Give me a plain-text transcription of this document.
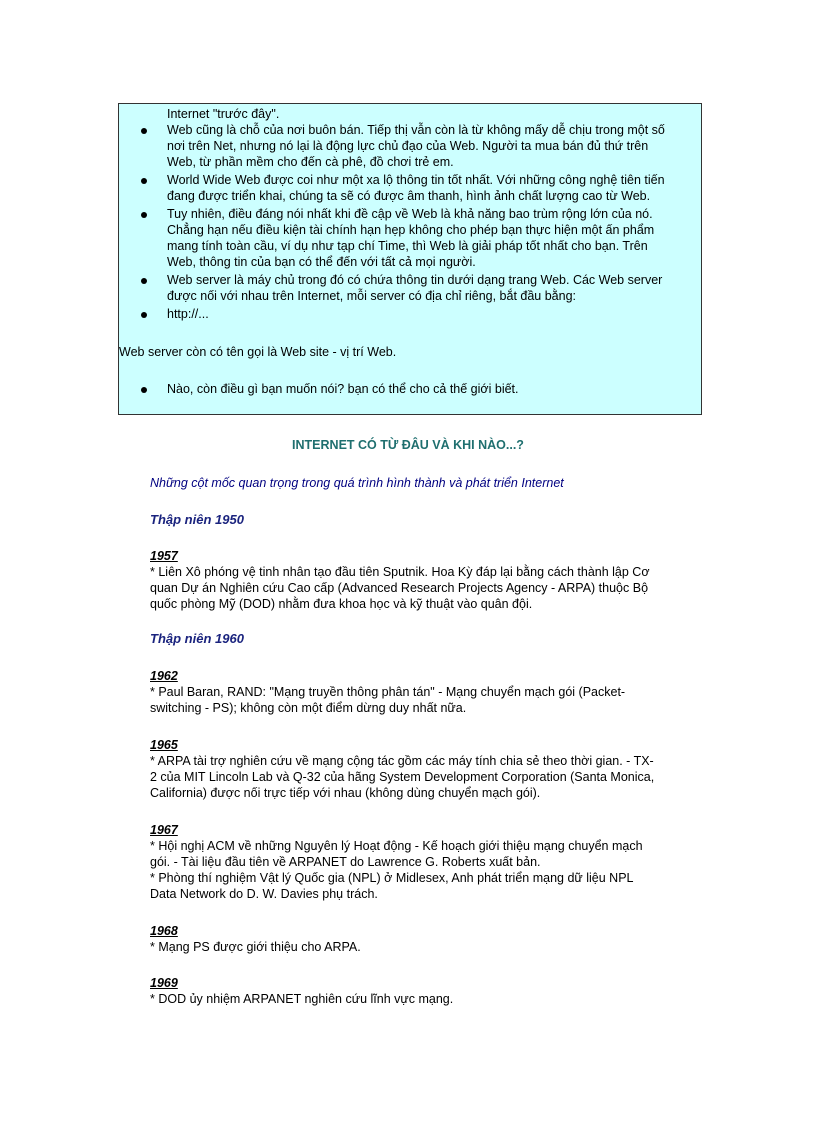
Internet "trước đây".
Web cũng là chỗ của nơi buôn bán. Tiếp thị vẫn còn là từ không mấy dễ chịu trong một số
nơi trên Net, nhưng nó lại là động lực chủ đạo của Web. Người ta mua bán đủ thứ trên
Web, từ phần mềm cho đến cà phê, đồ chơi trẻ em.
World Wide Web được coi như một xa lộ thông tin tốt nhất. Với những công nghệ tiên tiến
đang được triển khai, chúng ta sẽ có được âm thanh, hình ảnh chất lượng cao từ Web.
Tuy nhiên, điều đáng nói nhất khi đề cập về Web là khả năng bao trùm rộng lớn của nó.
Chẳng hạn nếu điều kiện tài chính hạn hẹp không cho phép bạn thực hiện một ấn phẩm
mang tính toàn cầu, ví dụ như tạp chí Time, thì Web là giải pháp tốt nhất cho bạn. Trên
Web, thông tin của bạn có thể đến với tất cả mọi người.
Web server là máy chủ trong đó có chứa thông tin dưới dạng trang Web. Các Web server
được nối với nhau trên Internet, mỗi server có địa chỉ riêng, bắt đầu bằng:
http://...
Web server còn có tên gọi là Web site - vị trí Web.
Nào, còn điều gì bạn muốn nói? bạn có thể cho cả thế giới biết.
INTERNET CÓ TỪ ĐÂU VÀ KHI NÀO...?
Những cột mốc quan trọng trong quá trình hình thành và phát triển Internet
Thập niên 1950
1957
* Liên Xô phóng vệ tinh nhân tạo đầu tiên Sputnik. Hoa Kỳ đáp lại bằng cách thành lập Cơ
quan Dự án Nghiên cứu Cao cấp (Advanced Research Projects Agency - ARPA) thuộc Bộ
quốc phòng Mỹ (DOD) nhằm đưa khoa học và kỹ thuật vào quân đội.
Thập niên 1960
1962
* Paul Baran, RAND: "Mạng truyền thông phân tán" - Mạng chuyển mạch gói (Packet-
switching - PS); không còn một điểm dừng duy nhất nữa.
1965
* ARPA tài trợ nghiên cứu về mạng cộng tác gồm các máy tính chia sẻ theo thời gian. - TX-
2 của MIT Lincoln Lab và Q-32 của hãng System Development Corporation (Santa Monica,
California) được nối trực tiếp với nhau (không dùng chuyển mạch gói).
1967
* Hội nghị ACM về những Nguyên lý Hoạt động - Kế hoạch giới thiệu mạng chuyển mạch
gói. - Tài liệu đầu tiên về ARPANET do Lawrence G. Roberts xuất bản.
* Phòng thí nghiệm Vật lý Quốc gia (NPL) ở Midlesex, Anh phát triển mạng dữ liệu NPL
Data Network do D. W. Davies phụ trách.
1968
* Mạng PS được giới thiệu cho ARPA.
1969
* DOD ủy nhiệm ARPANET nghiên cứu lĩnh vực mạng.
